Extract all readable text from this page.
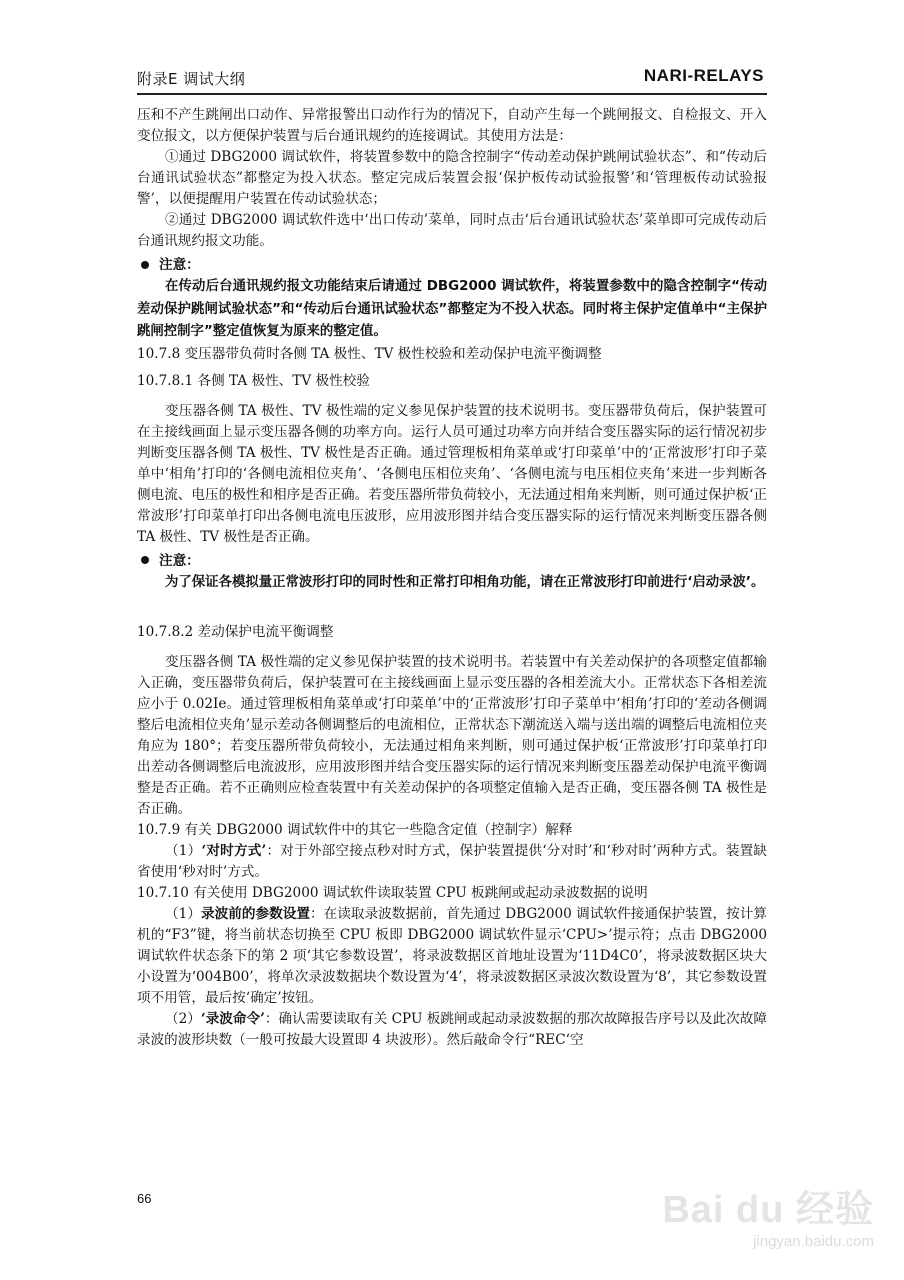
附录E 调试大纲	NARI-RELAYS

压和不产生跳闸出口动作、异常报警出口动作行为的情况下，自动产生每一个跳闸报文、自检报文、开入变位报文，以方便保护装置与后台通讯规约的连接调试。其使用方法是：

①通过 DBG2000 调试软件，将装置参数中的隐含控制字“传动差动保护跳闸试验状态”、和“传动后台通讯试验状态”都整定为投入状态。整定完成后装置会报‘保护板传动试验报警’和‘管理板传动试验报警’，以便提醒用户装置在传动试验状态；

②通过 DBG2000 调试软件选中‘出口传动’菜单，同时点击‘后台通讯试验状态’菜单即可完成传动后台通讯规约报文功能。

注意：

在传动后台通讯规约报文功能结束后请通过 DBG2000 调试软件，将装置参数中的隐含控制字“传动差动保护跳闸试验状态”和“传动后台通讯试验状态”都整定为不投入状态。同时将主保护定值单中“主保护跳闸控制字”整定值恢复为原来的整定值。

10.7.8 变压器带负荷时各侧 TA 极性、TV 极性校验和差动保护电流平衡调整

10.7.8.1 各侧 TA 极性、TV 极性校验

变压器各侧 TA 极性、TV 极性端的定义参见保护装置的技术说明书。变压器带负荷后，保护装置可在主接线画面上显示变压器各侧的功率方向。运行人员可通过功率方向并结合变压器实际的运行情况初步判断变压器各侧 TA 极性、TV 极性是否正确。通过管理板相角菜单或‘打印菜单’中的‘正常波形’打印子菜单中‘相角’打印的‘各侧电流相位夹角’、‘各侧电压相位夹角’、‘各侧电流与电压相位夹角’来进一步判断各侧电流、电压的极性和相序是否正确。若变压器所带负荷较小，无法通过相角来判断，则可通过保护板‘正常波形’打印菜单打印出各侧电流电压波形，应用波形图并结合变压器实际的运行情况来判断变压器各侧 TA 极性、TV 极性是否正确。

注意：

为了保证各模拟量正常波形打印的同时性和正常打印相角功能，请在正常波形打印前进行‘启动录波’。

10.7.8.2 差动保护电流平衡调整

变压器各侧 TA 极性端的定义参见保护装置的技术说明书。若装置中有关差动保护的各项整定值都输入正确，变压器带负荷后，保护装置可在主接线画面上显示变压器的各相差流大小。正常状态下各相差流应小于 0.02Ie。通过管理板相角菜单或‘打印菜单’中的‘正常波形’打印子菜单中‘相角’打印的‘差动各侧调整后电流相位夹角’显示差动各侧调整后的电流相位，正常状态下潮流送入端与送出端的调整后电流相位夹角应为 180°；若变压器所带负荷较小，无法通过相角来判断，则可通过保护板‘正常波形’打印菜单打印出差动各侧调整后电流波形，应用波形图并结合变压器实际的运行情况来判断变压器差动保护电流平衡调整是否正确。若不正确则应检查装置中有关差动保护的各项整定值输入是否正确，变压器各侧 TA 极性是否正确。

10.7.9 有关 DBG2000 调试软件中的其它一些隐含定值（控制字）解释

（1）‘对时方式’：对于外部空接点秒对时方式，保护装置提供‘分对时’和‘秒对时’两种方式。装置缺省使用‘秒对时’方式。

10.7.10 有关使用 DBG2000 调试软件读取装置 CPU 板跳闸或起动录波数据的说明

（1）录波前的参数设置：在读取录波数据前，首先通过 DBG2000 调试软件接通保护装置，按计算机的“F3”键，将当前状态切换至 CPU 板即 DBG2000 调试软件显示‘CPU>’提示符；点击 DBG2000 调试软件状态条下的第 2 项‘其它参数设置’，将录波数据区首地址设置为‘11D4C0’，将录波数据区块大小设置为‘004B00’，将单次录波数据块个数设置为‘4’，将录波数据区录波次数设置为‘8’，其它参数设置项不用管，最后按‘确定’按钮。

（2）‘录波命令’：确认需要读取有关 CPU 板跳闸或起动录波数据的那次故障报告序号以及此次故障录波的波形块数（一般可按最大设置即 4 块波形）。然后敲命令行“REC‘空

66	Bai du 经验
jingyan.baidu.com
